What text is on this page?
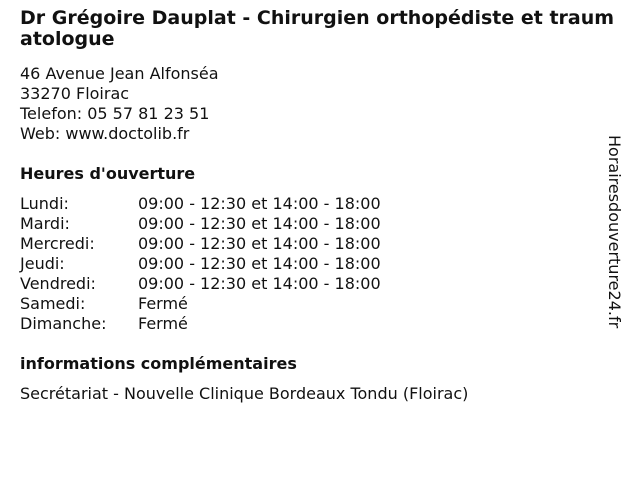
Dr Grégoire Dauplat - Chirurgien orthopédiste et traumatologue
46 Avenue Jean Alfonséa
33270 Floirac
Telefon: 05 57 81 23 51
Web: www.doctolib.fr
Heures d'ouverture
Lundi:	09:00 - 12:30 et 14:00 - 18:00
Mardi:	09:00 - 12:30 et 14:00 - 18:00
Mercredi:	09:00 - 12:30 et 14:00 - 18:00
Jeudi:	09:00 - 12:30 et 14:00 - 18:00
Vendredi:	09:00 - 12:30 et 14:00 - 18:00
Samedi:	Fermé
Dimanche:	Fermé
informations complémentaires
Secrétariat - Nouvelle Clinique Bordeaux Tondu (Floirac)
Horairesdouverture24.fr
